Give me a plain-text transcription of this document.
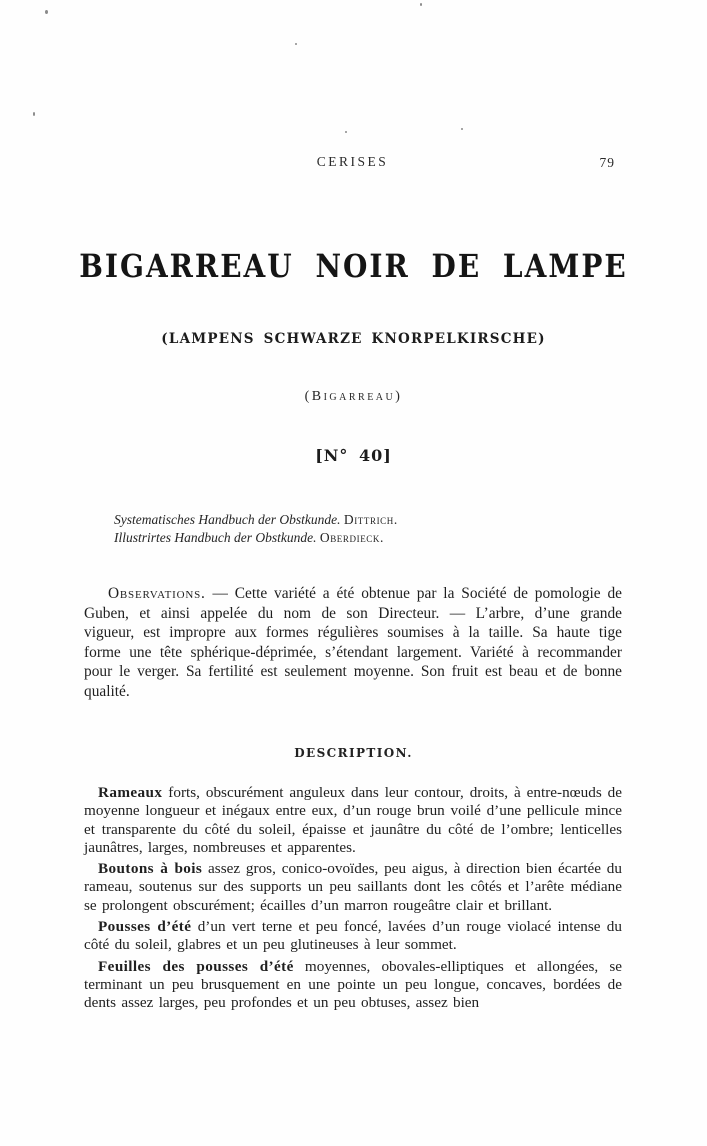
CERISES	79
BIGARREAU NOIR DE LAMPE
(LAMPENS SCHWARZE KNORPELKIRSCHE)
(Bigarreau)
[N° 40]
Systematisches Handbuch der Obstkunde. Dittrich.
Illustrirtes Handbuch der Obstkunde. Oberdieck.

Observations. — Cette variété a été obtenue par la Société de pomologie de Guben, et ainsi appelée du nom de son Directeur. — L’arbre, d’une grande vigueur, est impropre aux formes régulières soumises à la taille. Sa haute tige forme une tête sphérique-déprimée, s’étendant largement. Variété à recommander pour le verger. Sa fertilité est seulement moyenne. Son fruit est beau et de bonne qualité.

DESCRIPTION.

Rameaux forts, obscurément anguleux dans leur contour, droits, à entre-nœuds de moyenne longueur et inégaux entre eux, d’un rouge brun voilé d’une pellicule mince et transparente du côté du soleil, épaisse et jaunâtre du côté de l’ombre; lenticelles jaunâtres, larges, nombreuses et apparentes.

Boutons à bois assez gros, conico-ovoïdes, peu aigus, à direction bien écartée du rameau, soutenus sur des supports un peu saillants dont les côtés et l’arête médiane se prolongent obscurément; écailles d’un marron rougeâtre clair et brillant.

Pousses d’été d’un vert terne et peu foncé, lavées d’un rouge violacé intense du côté du soleil, glabres et un peu glutineuses à leur sommet.

Feuilles des pousses d’été moyennes, obovales-elliptiques et allongées, se terminant un peu brusquement en une pointe un peu longue, concaves, bordées de dents assez larges, peu profondes et un peu obtuses, assez bien
